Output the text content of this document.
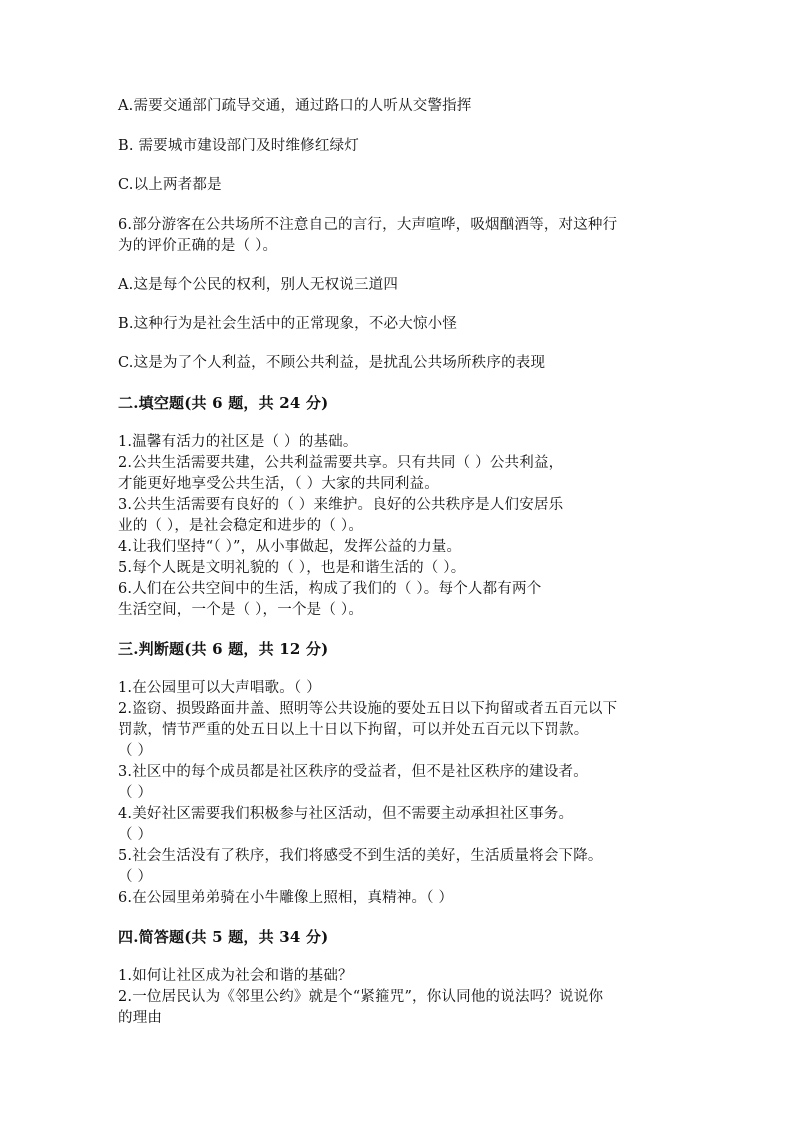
A.需要交通部门疏导交通，通过路口的人听从交警指挥
B. 需要城市建设部门及时维修红绿灯
C.以上两者都是
6.部分游客在公共场所不注意自己的言行，大声喧哗，吸烟酗酒等，对这种行
为的评价正确的是（ ）。
A.这是每个公民的权利，别人无权说三道四
B.这种行为是社会生活中的正常现象，不必大惊小怪
C.这是为了个人利益，不顾公共利益，是扰乱公共场所秩序的表现
二.填空题(共 6 题，共 24 分)
1.温馨有活力的社区是（ ）的基础。
2.公共生活需要共建，公共利益需要共享。只有共同（ ）公共利益，
才能更好地享受公共生活，（ ）大家的共同利益。
3.公共生活需要有良好的（ ）来维护。良好的公共秩序是人们安居乐
业的（ ），是社会稳定和进步的（ ）。
4.让我们坚持“（ ）”，从小事做起，发挥公益的力量。
5.每个人既是文明礼貌的（ ），也是和谐生活的（ ）。
6.人们在公共空间中的生活，构成了我们的（ ）。每个人都有两个
生活空间，一个是（ ），一个是（ ）。
三.判断题(共 6 题，共 12 分)
1.在公园里可以大声唱歌。（ ）
2.盗窃、损毁路面井盖、照明等公共设施的要处五日以下拘留或者五百元以下
罚款，情节严重的处五日以上十日以下拘留，可以并处五百元以下罚款。
（ ）
3.社区中的每个成员都是社区秩序的受益者，但不是社区秩序的建设者。
（ ）
4.美好社区需要我们积极参与社区活动，但不需要主动承担社区事务。
（ ）
5.社会生活没有了秩序，我们将感受不到生活的美好，生活质量将会下降。
（ ）
6.在公园里弟弟骑在小牛雕像上照相，真精神。（ ）
四.简答题(共 5 题，共 34 分)
1.如何让社区成为社会和谐的基础？
2.一位居民认为《邻里公约》就是个“紧箍咒”，你认同他的说法吗？说说你
的理由
